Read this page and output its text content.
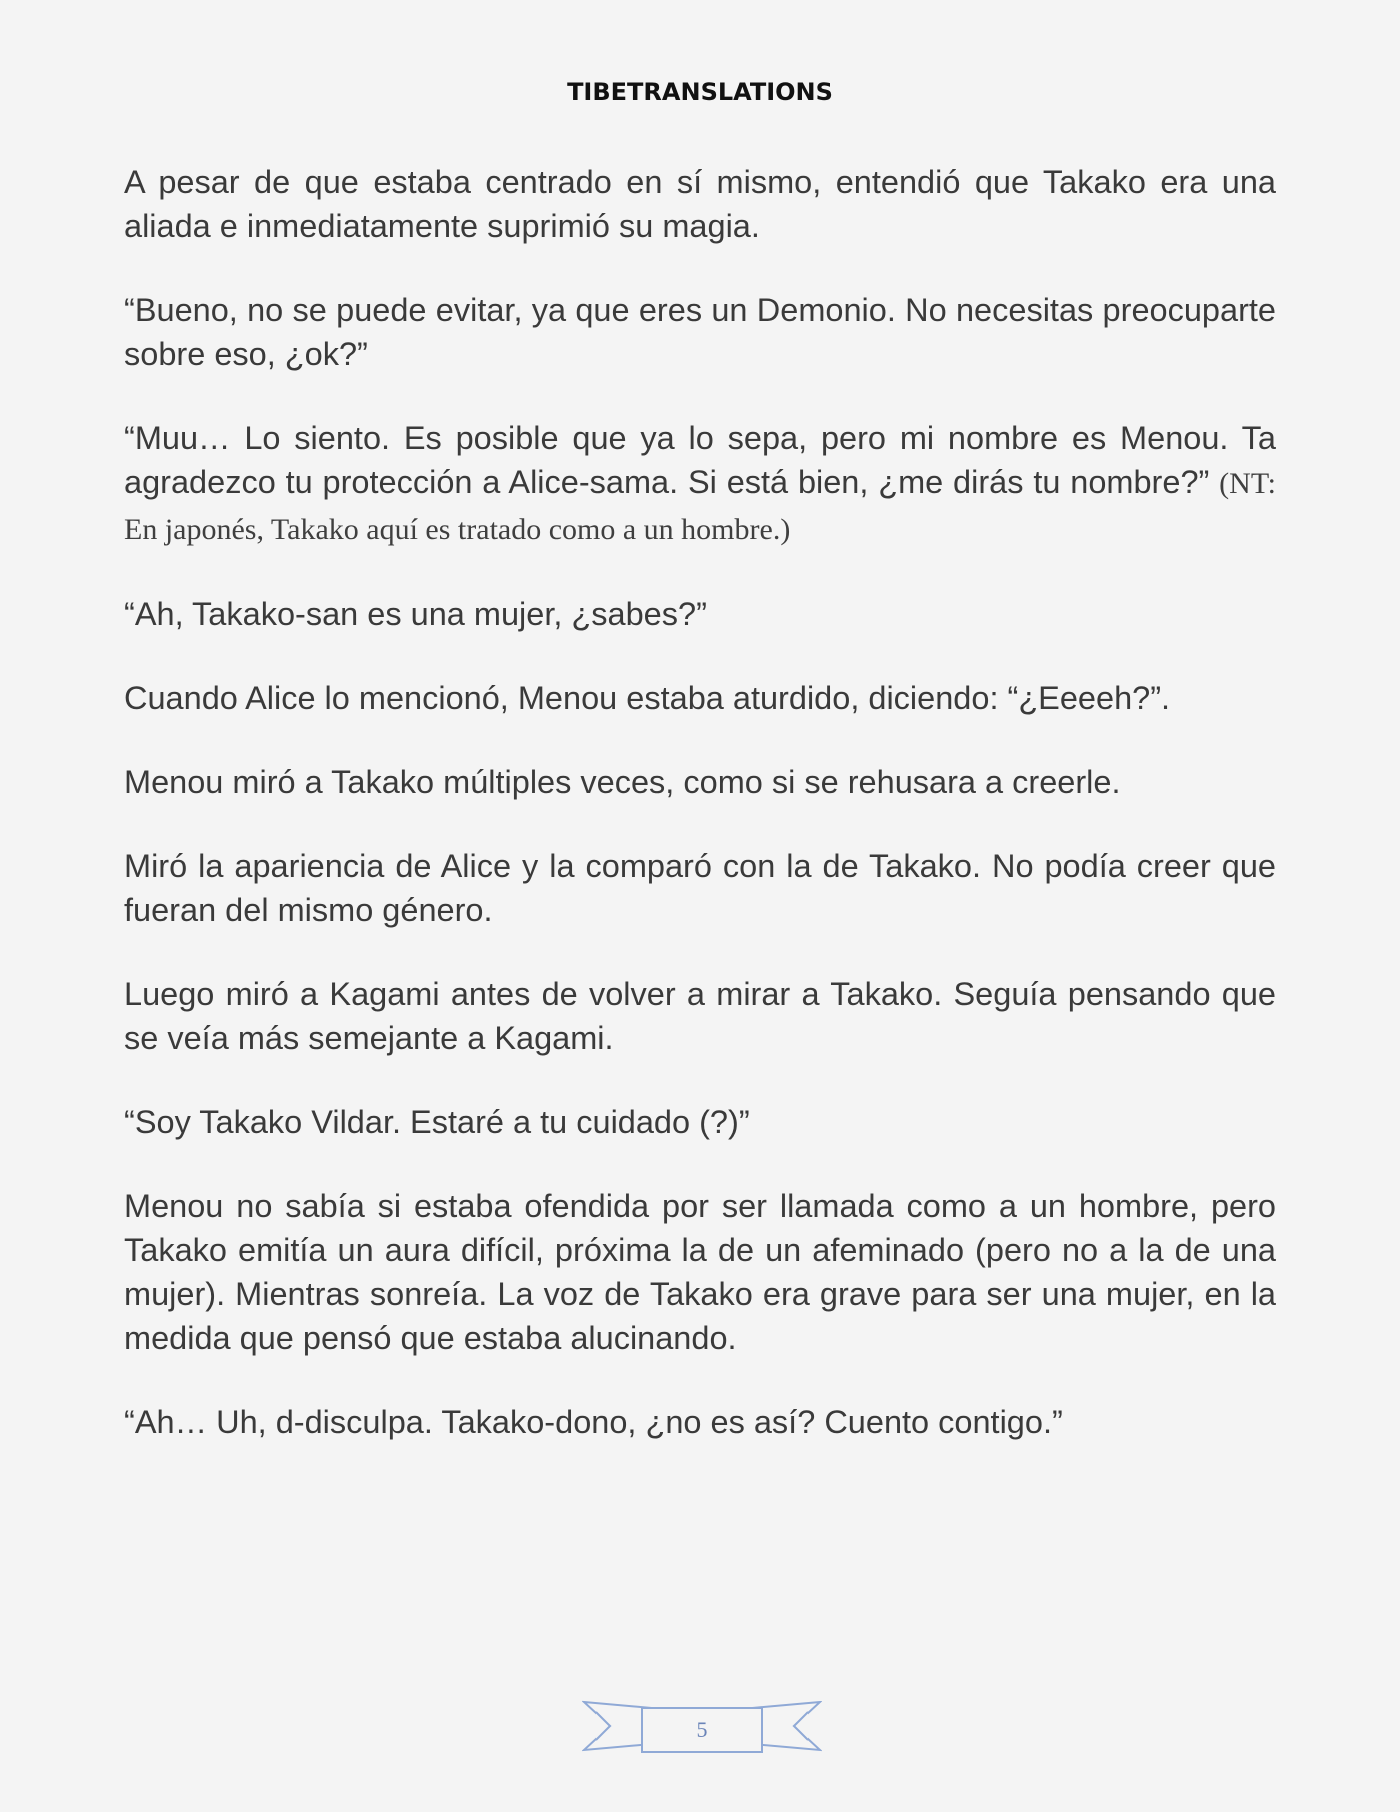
TIBETRANSLATIONS

A pesar de que estaba centrado en sí mismo, entendió que Takako era una aliada e inmediatamente suprimió su magia.

“Bueno, no se puede evitar, ya que eres un Demonio. No necesitas preocuparte sobre eso, ¿ok?”

“Muu… Lo siento. Es posible que ya lo sepa, pero mi nombre es Menou. Ta agradezco tu protección a Alice-sama. Si está bien, ¿me dirás tu nombre?” (NT: En japonés, Takako aquí es tratado como a un hombre.)

“Ah, Takako-san es una mujer, ¿sabes?”

Cuando Alice lo mencionó, Menou estaba aturdido, diciendo: “¿Eeeeh?”.

Menou miró a Takako múltiples veces, como si se rehusara a creerle.

Miró la apariencia de Alice y la comparó con la de Takako. No podía creer que fueran del mismo género.

Luego miró a Kagami antes de volver a mirar a Takako. Seguía pensando que se veía más semejante a Kagami.

“Soy Takako Vildar. Estaré a tu cuidado (?)”

Menou no sabía si estaba ofendida por ser llamada como a un hombre, pero Takako emitía un aura difícil, próxima la de un afeminado (pero no a la de una mujer). Mientras sonreía. La voz de Takako era grave para ser una mujer, en la medida que pensó que estaba alucinando.

“Ah… Uh, d-disculpa. Takako-dono, ¿no es así? Cuento contigo.”

5
